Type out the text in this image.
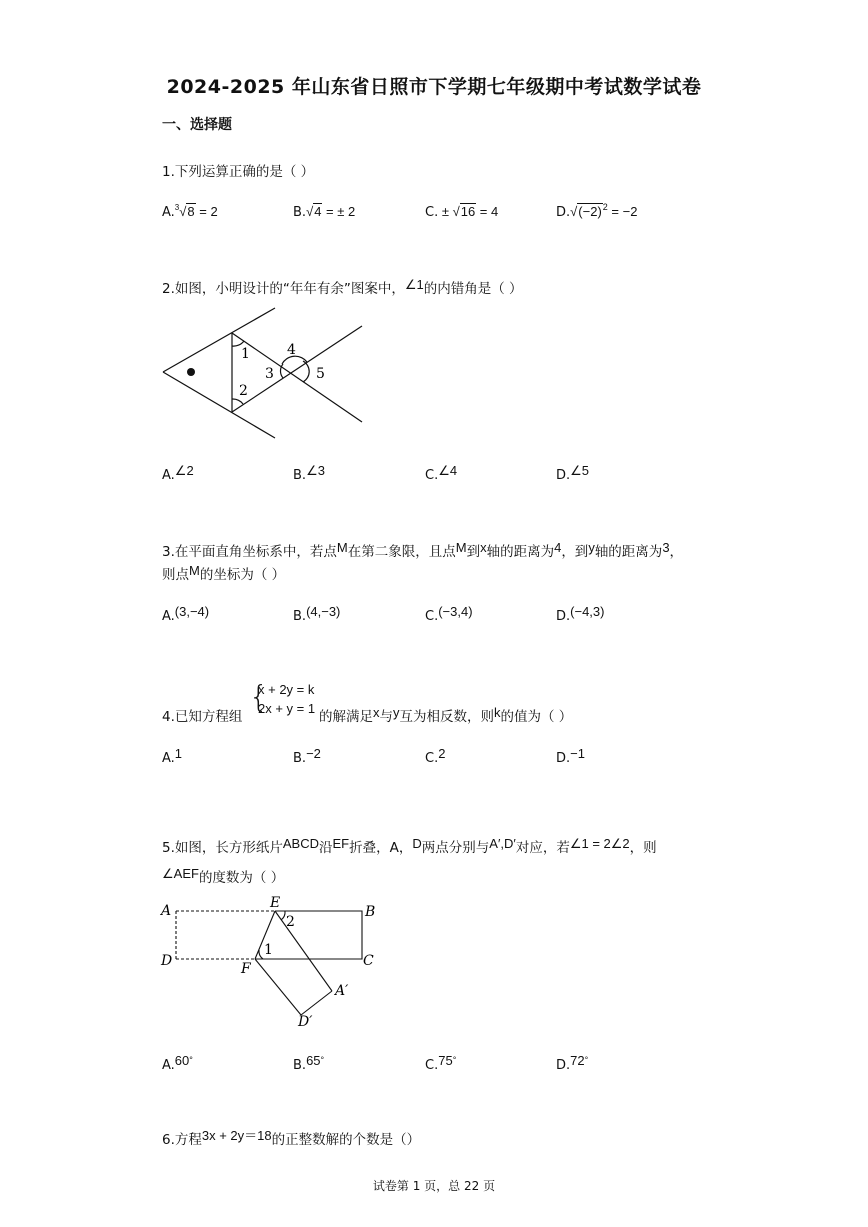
2024-2025 年山东省日照市下学期七年级期中考试数学试卷
一、选择题
1.下列运算正确的是（ ）
A.$^3$√8 = 2	B.√4 = ± 2	C. ± √16 = 4	$D.√(-2)^2 = -2$
2.如图，小明设计的“年年有余”图案中，∠1的内错角是（ ）
1
2
3
4
5
A.∠2	B.∠3	C.∠4	D.∠5
3.在平面直角坐标系中，若点M在第二象限，且点M到x轴的距离为4，到y轴的距离为3，
则点M的坐标为（ ）
A.(3,−4)	B.(4,−3)	C.(−3,4)	D.(−4,3)
4.已知方程组
{
x + 2y = k
2x + y = 1
的解满足x与y互为相反数，则k的值为（ ）
A.1	B.−2	C.2	D.−1
5.如图，长方形纸片ABCD沿EF折叠，A，D两点分别与A′,D′对应，若∠1 = 2∠2，则
∠AEF的度数为（ ）
A	E
B
2
1
D	F	C
A′
D′
A.60°	B.65°	C.75°	D.72°
6.方程3x + 2y＝18的正整数解的个数是（）
试卷第 1 页，总 22 页
